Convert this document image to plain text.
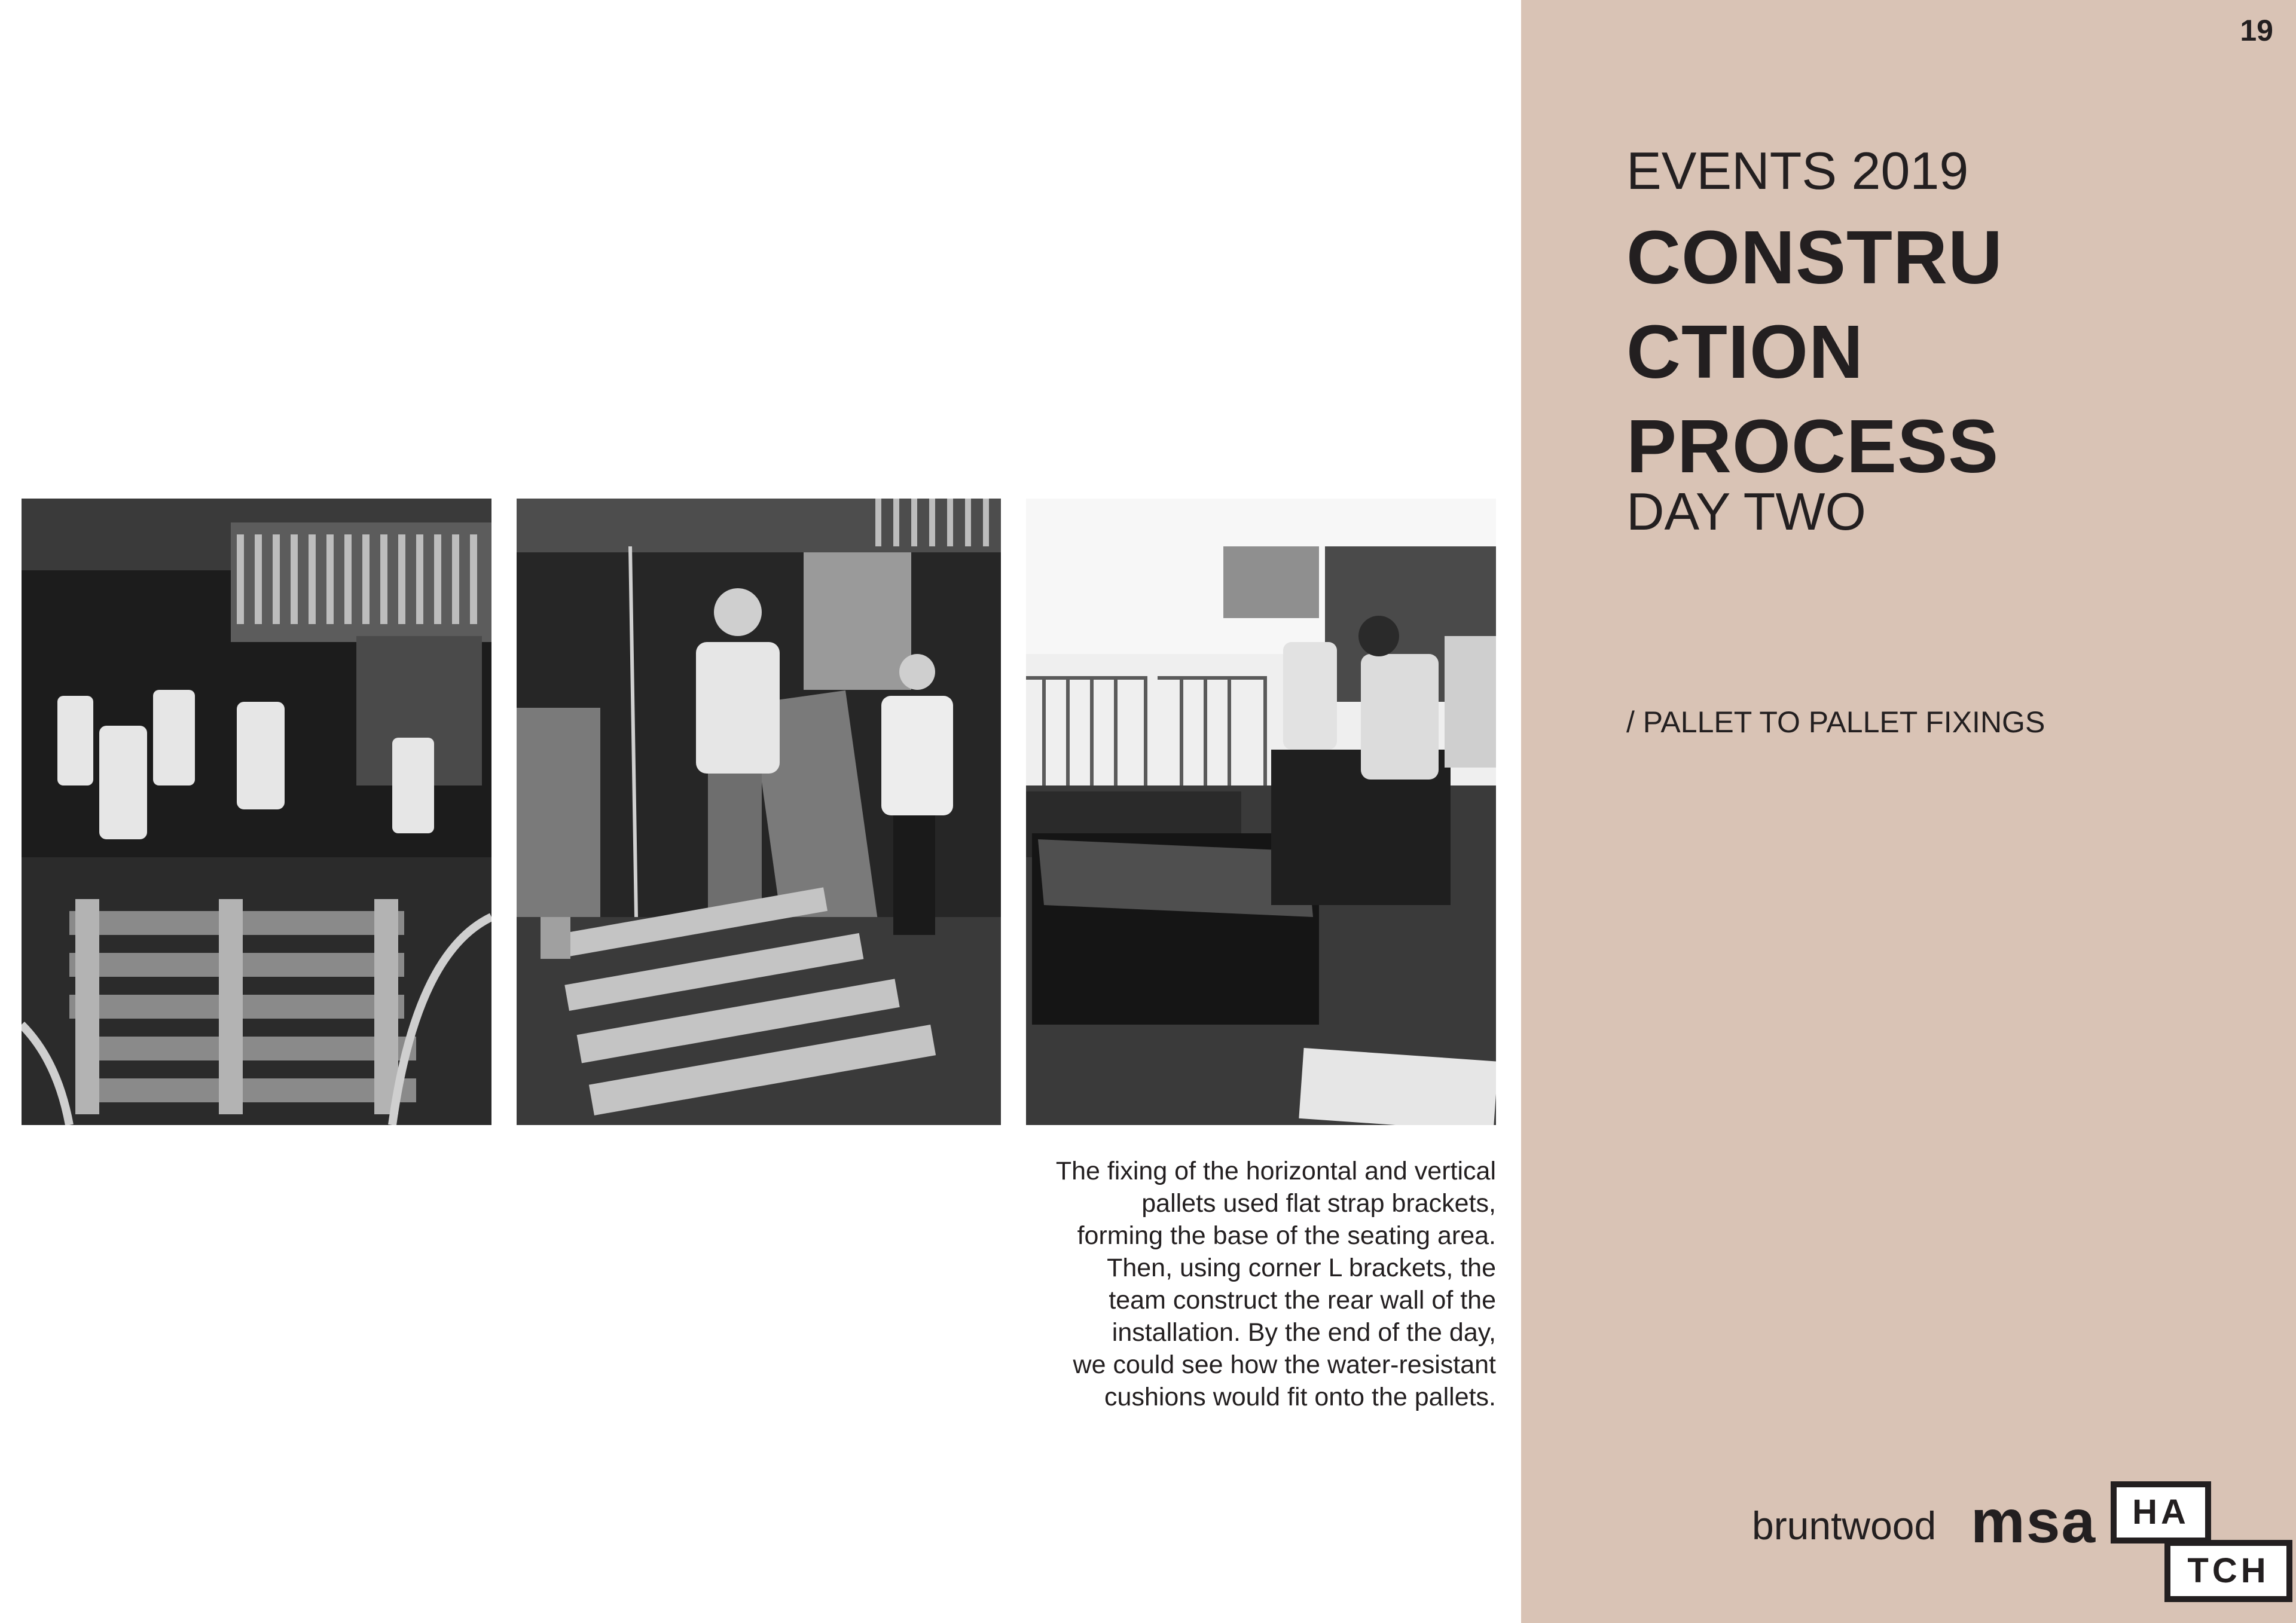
The fixing of the horizontal and vertical
pallets used flat strap brackets,
forming the base of the seating area.
Then, using corner L brackets, the
team construct the rear wall of the
installation. By the end of the day,
we could see how the water-resistant
cushions would fit onto the pallets.
19
EVENTS 2019
CONSTRU
CTION
PROCESS
DAY TWO
/ PALLET TO PALLET FIXINGS
bruntwood msa	HA
TCH
